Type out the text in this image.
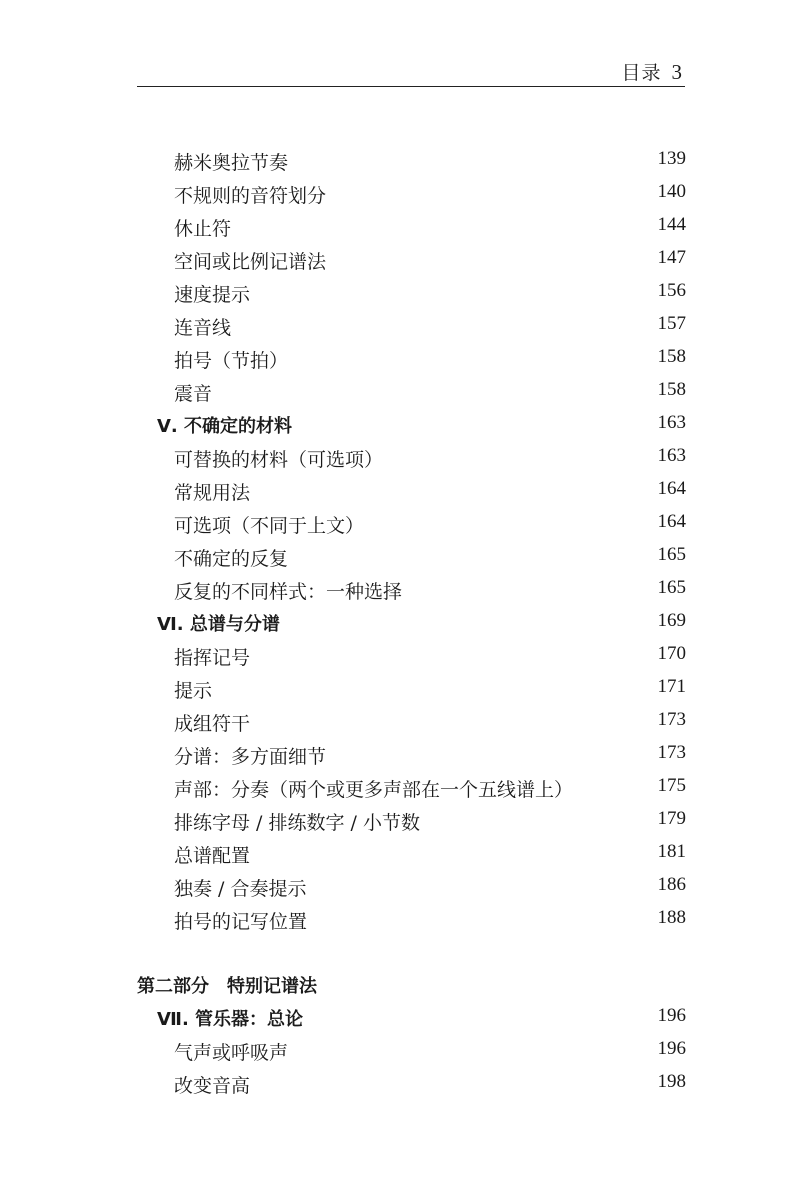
目录 3
赫米奥拉节奏	139
不规则的音符划分	140
休止符	144
空间或比例记谱法	147
速度提示	156
连音线	157
拍号（节拍）	158
震音	158
Ⅴ. 不确定的材料	163
可替换的材料（可选项）	163
常规用法	164
可选项（不同于上文）	164
不确定的反复	165
反复的不同样式：一种选择	165
Ⅵ. 总谱与分谱	169
指挥记号	170
提示	171
成组符干	173
分谱：多方面细节	173
声部：分奏（两个或更多声部在一个五线谱上）	175
排练字母 / 排练数字 / 小节数	179
总谱配置	181
独奏 / 合奏提示	186
拍号的记写位置	188
第二部分　特别记谱法
Ⅶ. 管乐器：总论	196
气声或呼吸声	196
改变音高	198
